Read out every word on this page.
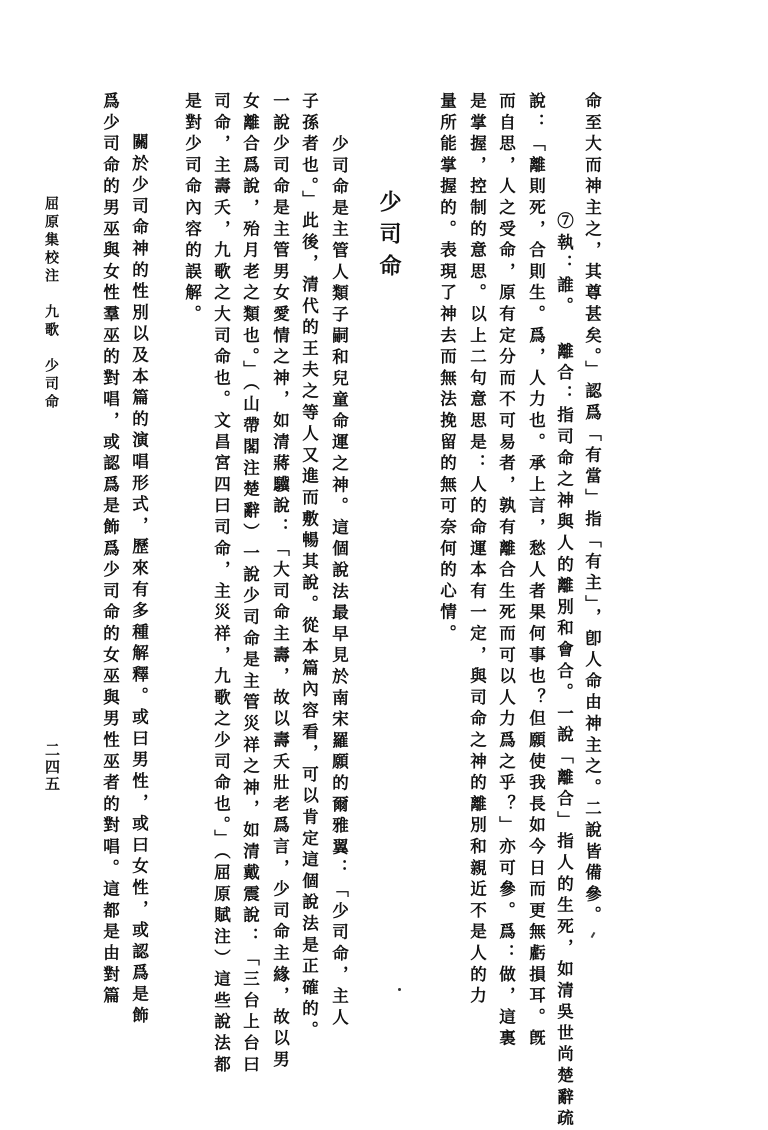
命至大而神主之，其尊甚矣。」認爲「有當」指「有主」，卽人命由神主之。二說皆備參。
⑦執：誰。 離合：指司命之神與人的離別和會合。一說「離合」指人的生死，如清吳世尚楚辭疏
說：「離則死，合則生。爲，人力也。承上言，愁人者果何事也？但願使我長如今日而更無虧損耳。旣
而自思，人之受命，原有定分而不可易者，孰有離合生死而可以人力爲之乎？」亦可參。爲：做，這裏
是掌握，控制的意思。以上二句意思是：人的命運本有一定，與司命之神的離別和親近不是人的力
量所能掌握的。表現了神去而無法挽留的無可奈何的心情。
少司命
少司命是主管人類子嗣和兒童命運之神。這個說法最早見於南宋羅願的爾雅翼：「少司命，主人
子孫者也。」此後，清代的王夫之等人又進而敷暢其說。從本篇內容看，可以肯定這個說法是正確的。
一說少司命是主管男女愛情之神，如清蔣驥說：「大司命主壽，故以壽夭壯老爲言，少司命主緣，故以男
女離合爲說，殆月老之類也。」（山帶閣注楚辭）一說少司命是主管災祥之神，如清戴震說：「三台上台曰
司命，主壽夭，九歌之大司命也。文昌宮四曰司命，主災祥，九歌之少司命也。」（屈原賦注）這些說法都
是對少司命內容的誤解。
關於少司命神的性別以及本篇的演唱形式，歷來有多種解釋。或曰男性，或曰女性，或認爲是飾
爲少司命的男巫與女性羣巫的對唱，或認爲是飾爲少司命的女巫與男性巫者的對唱。這都是由對篇
屈原集校注　九歌　少司命
二四五
